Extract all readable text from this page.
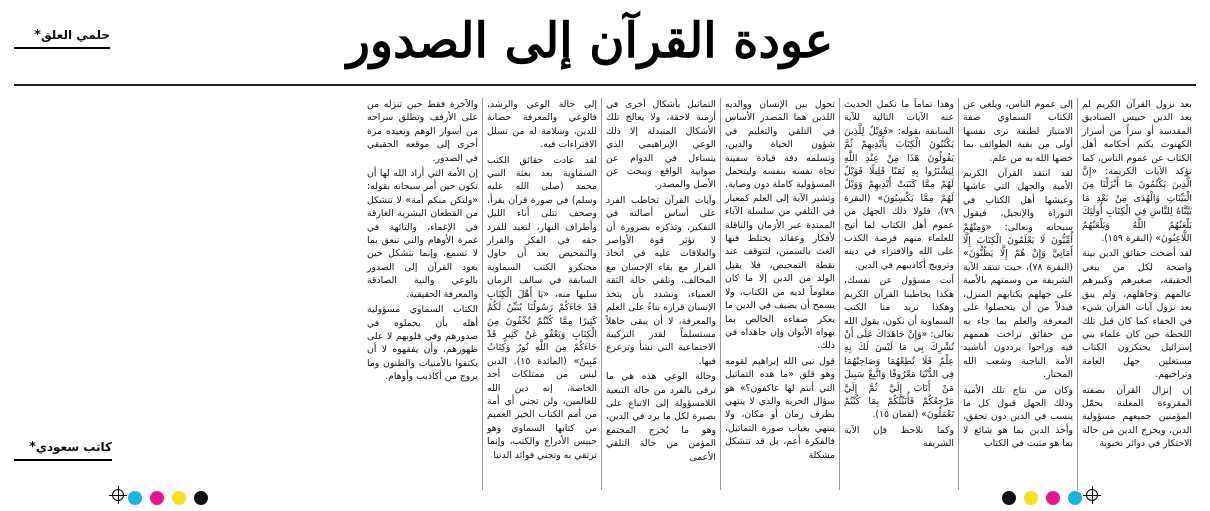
عودة القرآن إلى الصدور
حلمي العلق*

بعد نزول القرآن الكريم لم يعد الدين حبيس الصناديق المقدسة أو سراً من أسرار الكهنوت يكتم أحكامه أهل الكتاب عن عموم الناس، كما تؤكد الآيات الكريمة: «إِنَّ الَّذِينَ يَكْتُمُونَ مَا أَنْزَلْنَا مِنَ الْبَيِّنَاتِ وَالْهُدَى مِنْ بَعْدِ مَا بَيَّنَّاهُ لِلنَّاسِ فِي الْكِتَابِ أُولَئِكَ يَلْعَنُهُمُ اللَّهُ وَيَلْعَنُهُمُ اللَّاعِنُونَ» (البقرة ١٥٩).

لقد أضحت حقائق الدين بينة واضحة لكل من يبغي الحقيقة، صغيرهم وكبيرهم عالمهم وجاهلهم، ولم يبق بعد نزول آيات القرآن شيء في الخفاء كما كان قبل تلك اللحظة حين كان علماء بني إسرائيل يحتكرون الكتاب مستغلين جهل العامة وتراخيهم.

إن إنزال القرآن بصفته المقروءة المعلنة يحمّل المؤمنين جميعهم مسؤولية الدين، ويخرج الدين من حالة الاحتكار في دوائر نخبوية

إلى عموم الناس، ويلغي عن الكتاب السماوي صفة الامتياز لطبقة ترى نفسها أولى من بقية الطوائف بما خصها الله به من علم.

لقد انتقد القرآن الكريم الأمية والجهل التي عاشها وعيشها أهل الكتاب في التوراة والإنجيل، فيقول سبحانه وتعالى: «وَمِنْهُمْ أُمِّيُّونَ لَا يَعْلَمُونَ الْكِتَابَ إِلَّا أَمَانِيَّ وَإِنْ هُمْ إِلَّا يَظُنُّونَ» (البقرة ٧٨)، حيث تنتقد الآية الشريفة من وسمتهم بالأمية على جهلهم بكتابهم المنزل، فبدلاً من أن يتحصلوا على المعرفة والعلم بما جاء به من حقائق تراخت هممهم فيه وراحوا يرددون أناشيد الأمة الناجية وشعب الله المختار.

وكان من نتاج تلك الأمية وذلك الجهل قبول كل ما ينسب في الدين دون تحقق، وأخذ الدين بما هو شائع لا بما هو مثبت في الكتاب

وهذا تماماً ما تكمل الحديث عنه الآيات التالية للآية السابقة بقوله: «فَوَيْلٌ لِلَّذِينَ يَكْتُبُونَ الْكِتَابَ بِأَيْدِيهِمْ ثُمَّ يَقُولُونَ هَذَا مِنْ عِنْدِ اللَّهِ لِيَشْتَرُوا بِهِ ثَمَنًا قَلِيلًا فَوَيْلٌ لَهُمْ مِمَّا كَتَبَتْ أَيْدِيهِمْ وَوَيْلٌ لَهُمْ مِمَّا يَكْسِبُونَ» (البقرة ٧٩)، فلولا ذلك الجهل من عموم أهل الكتاب لما أتيح للعلماء منهم فرصة الكذب على الله والافتراء في دينه وترويج أكاذيبهم في الدين.

أنت مسؤول عن نفسك، هكذا يخاطبنا القرآن الكريم وهكذا تريد منا الكتب السماوية أن نكون، يقول الله تعالى: «وَإِنْ جَاهَدَاكَ عَلَى أَنْ تُشْرِكَ بِي مَا لَيْسَ لَكَ بِهِ عِلْمٌ فَلَا تُطِعْهُمَا وَصَاحِبْهُمَا فِي الدُّنْيَا مَعْرُوفًا وَاتَّبِعْ سَبِيلَ مَنْ أَنَابَ إِلَيَّ ثُمَّ إِلَيَّ مَرْجِعُكُمْ فَأُنَبِّئُكُمْ بِمَا كُنْتُمْ تَعْمَلُونَ» (لقمان ١٥).

وكما نلاحظ فإن الآية الشريفة

تحول بين الإنسان ووالديه اللذين هما المصدر الأساس في التلقي والتعليم في شؤون الحياة والدين، وتسلمه دفة قيادة سفينة نجاة نفسه بنفسه وليتحمل المسؤولية كاملة دون وصاية. وتشير الآية إلى العلم كمعيار في التلقي من سلسلة الآباء الممتدة عبر الأزمان والناقلة لأفكار وعقائد يختلط فيها الغث بالسمين، لتتوقف عند نقطة التمحيص، فلا يقبل الولد من الدين إلا ما كان معلوماً لديه من الكتاب، ولا يسمح أن يضيف في الدين ما يعكر صفاءه الخالص بما يهواه الأبوان وإن جاهداه في ذلك.

قول نبي الله إبراهيم لقومه وهو قلق «ما هذه التماثيل التي أنتم لها عاكفون؟» هو سؤال الحرية والذي لا ينتهي بظرف زمان أو مكان، ولا ينتهي بغياب صورة التماثيل، فالفكرة أعم، بل قد تتشكل مشكلة

التماثيل بأشكال أخرى في أزمنة لاحقة، ولا يعالج تلك الأشكال المتبدلة إلا ذلك الوعي الإبراهيمي الذي يتساءل في الدوام عن صوابية الواقع ويبحث عن الأصل والمصدر.

وآيات القرآن تخاطب الفرد على أساس أصالته في التفكير، وتذكره بضرورة أن لا تؤثر قوة الأواصر والعلاقات عليه في اتخاذ القرار مع بقاء الإحسان مع المخالف، وتلقي حالة الثقة العمياء، وتشدد بأن يتخذ الإنسان قراره بناءً على العلم والمعرفة، لا أن يبقى جاهلاً مستسلماً لقدر التركيبة الاجتماعية التي نشأ وترعرع فيها.

وحالة الوعي هذه هي ما ترقى بالفرد من حالة التبعية اللامسؤولة إلى الاتباع على بصيرة لكل ما يرد في الدين، وهو ما يُخرج المجتمع المؤمن من حالة التلقي الأعمى

إلى حالة الوعي والرشد، فالوعي والمعرفة حصانة للدين، وسلامة له من تسلل الافتراءات فيه.

لقد عادت حقائق الكتب السماوية بعد بعثة النبي محمد (صلى الله عليه وسلم) في صورة قرآن يقرأ، وصحف تتلى أناء الليل وأطراف النهار، لتعيد للفرد حقه في الفكر والقرار والتمحيص بعد أن حاول محتكرو الكتب السماوية السابقة في سالف الزمان سلبها منه، «يَا أَهْلَ الْكِتَابِ قَدْ جَاءَكُمْ رَسُولُنَا يُبَيِّنُ لَكُمْ كَثِيرًا مِمَّا كُنْتُمْ تُخْفُونَ مِنَ الْكِتَابِ وَيَعْفُو عَنْ كَثِيرٍ قَدْ جَاءَكُمْ مِنَ اللَّهِ نُورٌ وَكِتَابٌ مُبِينٌ» (المائدة ١٥). الدين ليس من ممتلكات أحد الخاصة، إنه دين الله للعالمين، ولن تجني أي أمة من أمم الكتاب الخير العميم من كتابها السماوي وهو حبيس الأدراج والكتب، وإنما ترتقي به وتجني فوائد الدنيا

والآخرة فقط حين تنزله من على الأرفف وتطلق سراحه من أسوار الوهم وتعيده مرة أخرى إلى موقعه الحقيقي في الصدور.

إن الأمة التي أراد الله لها أن تكون حين أمر سبحانه بقوله: «ولتكن منكم أمة» لا تتشكل من القطعان البشرية الغارقة في الإغماء، والتائهة في غمرة الأوهام والتي تنعق بما لا تسمع، وإنما تتشكل حين يعود القرآن إلى الصدور بالوعي والنية الصادقة والمعرفة الحقيقية.

الكتاب السماوي مسؤولية أهله بأن يحملوه في صدورهم وفي قلوبهم لا على ظهورهم، وأن يفقهوه لا أن يكتفوا بالأمنيات والظنون وما يروج من أكاذيب وأوهام.

كاتب سعودي*
